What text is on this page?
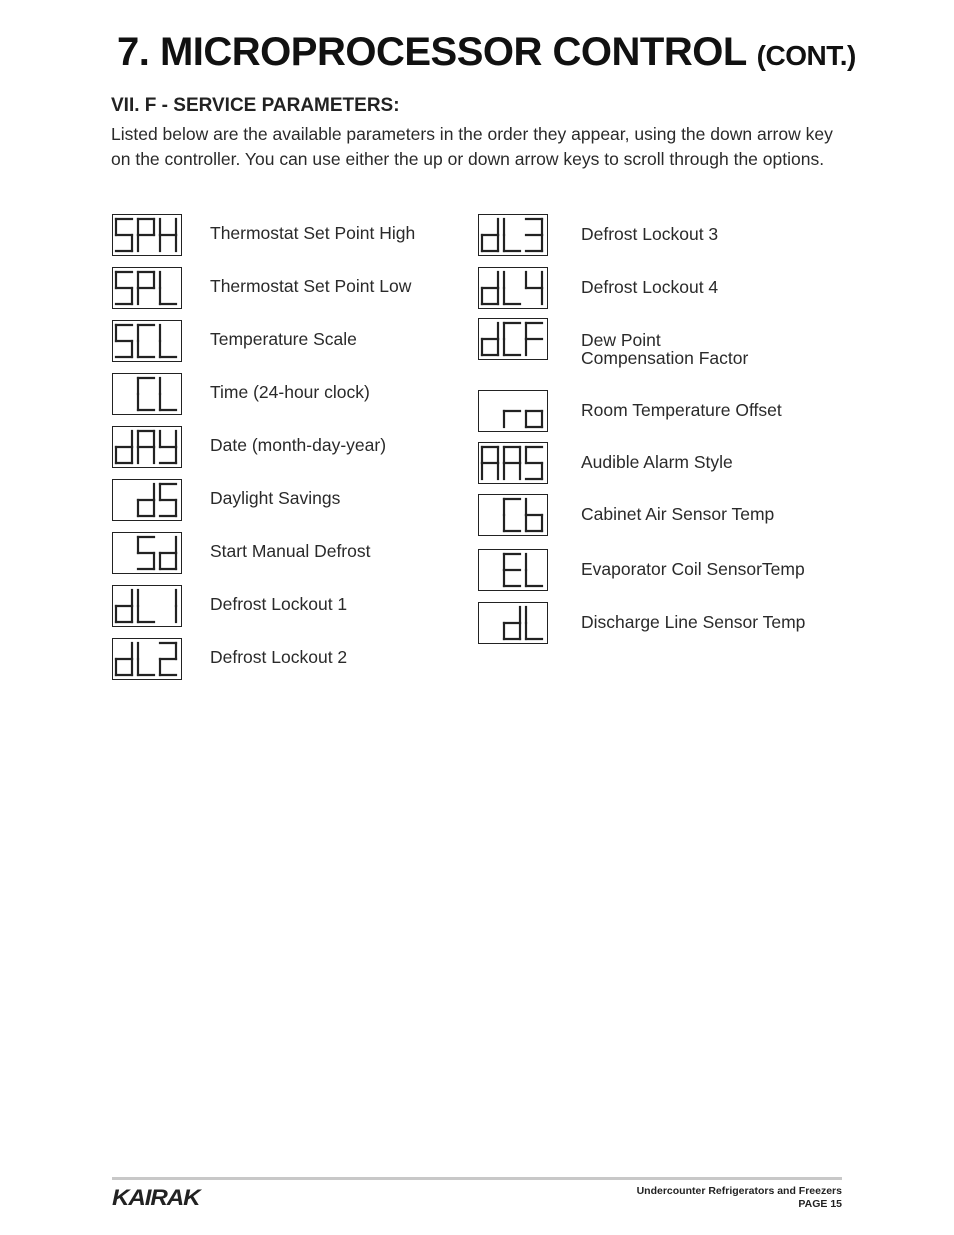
7. MICROPROCESSOR CONTROL (CONT.)
VII. F - SERVICE PARAMETERS:
Listed below are the available parameters in the order they appear, using the down arrow key on the controller. You can use either the up or down arrow keys to scroll through the options.
Thermostat Set Point High
Thermostat Set Point Low
Temperature Scale
Time (24-hour clock)
Date (month-day-year)
Daylight Savings
Start Manual Defrost
Defrost Lockout 1
Defrost Lockout 2
Defrost Lockout 3
Defrost Lockout 4
Dew Point
Compensation Factor
Room Temperature Offset
Audible Alarm Style
Cabinet Air Sensor Temp
Evaporator Coil SensorTemp
Discharge Line Sensor Temp
KAIRAK	Undercounter Refrigerators and Freezers
PAGE 15
